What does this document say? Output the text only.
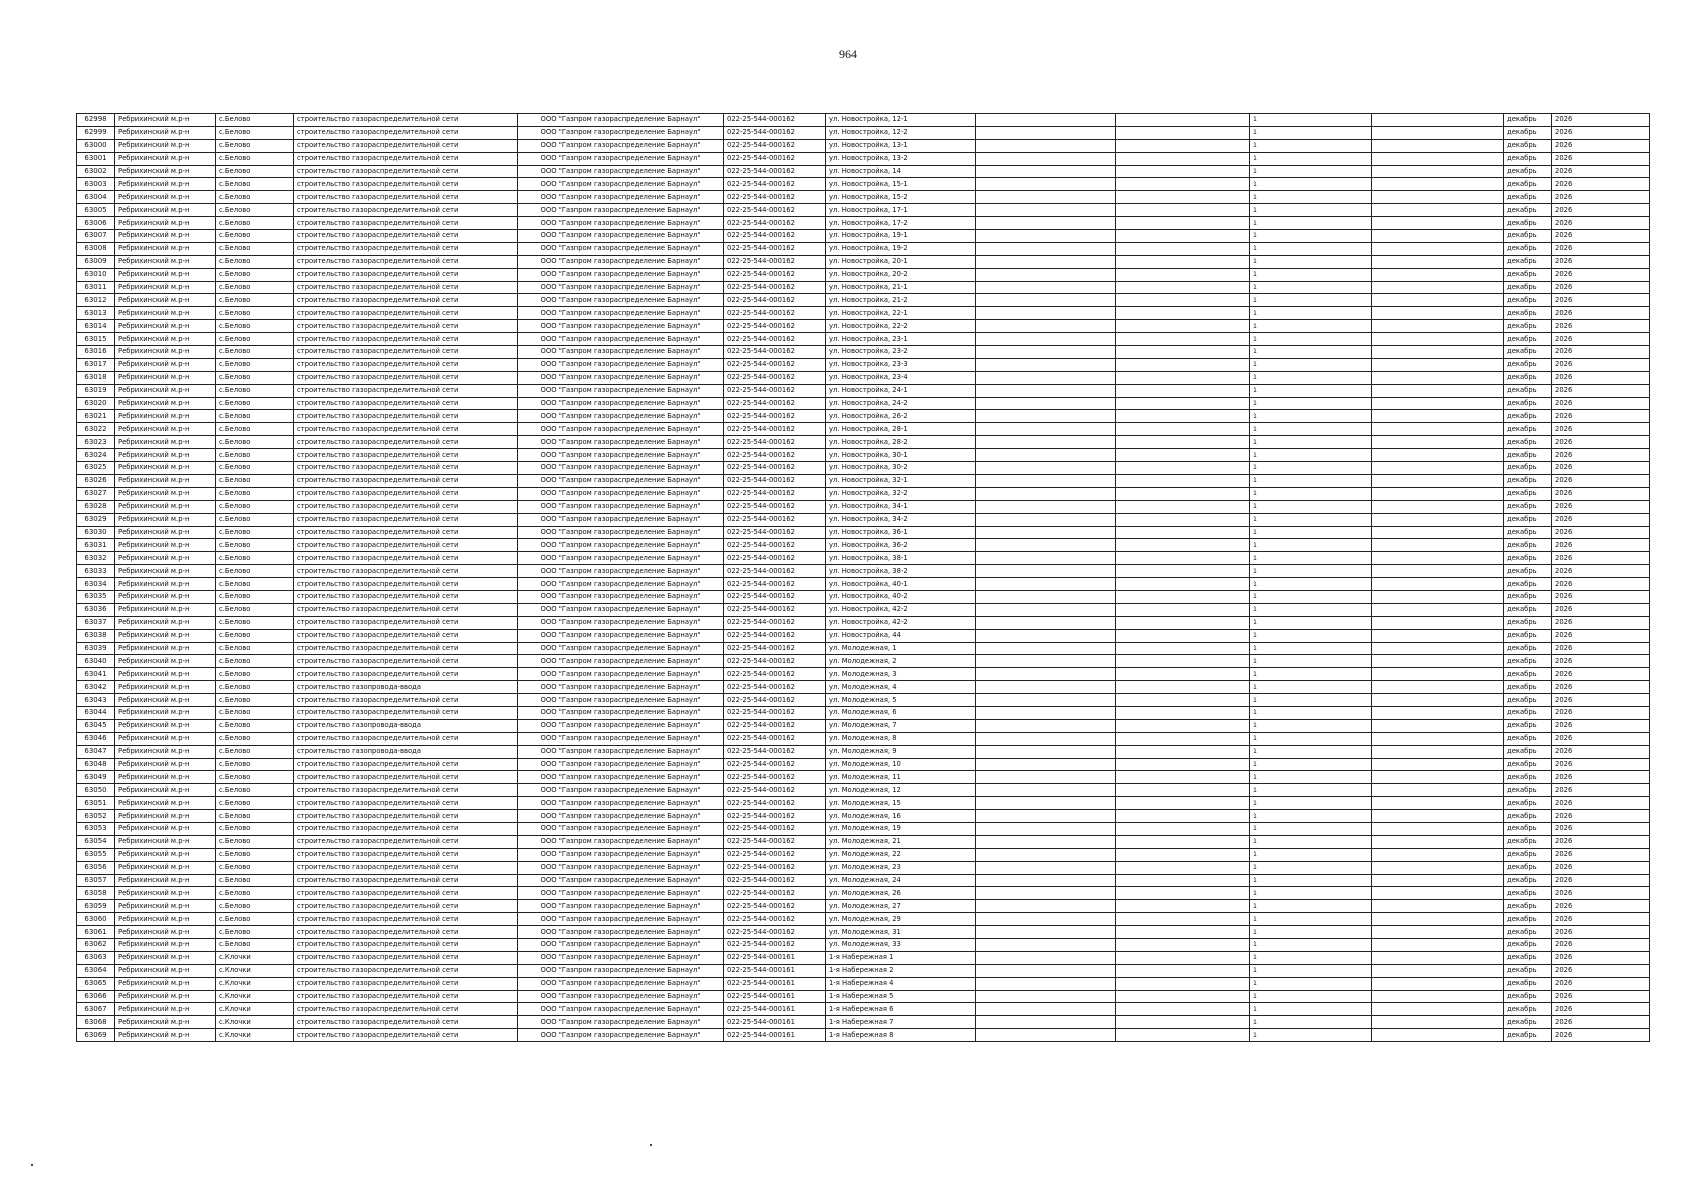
964
62998	Ребрихинский м.р-н	с.Белово	строительство газораспределительной сети	ООО "Газпром газораспределение Барнаул"	022-25-544-000162	ул. Новостройка, 12-1			1		декабрь	2026
62999	Ребрихинский м.р-н	с.Белово	строительство газораспределительной сети	ООО "Газпром газораспределение Барнаул"	022-25-544-000162	ул. Новостройка, 12-2			1		декабрь	2026
63000	Ребрихинский м.р-н	с.Белово	строительство газораспределительной сети	ООО "Газпром газораспределение Барнаул"	022-25-544-000162	ул. Новостройка, 13-1			1		декабрь	2026
63001	Ребрихинский м.р-н	с.Белово	строительство газораспределительной сети	ООО "Газпром газораспределение Барнаул"	022-25-544-000162	ул. Новостройка, 13-2			1		декабрь	2026
63002	Ребрихинский м.р-н	с.Белово	строительство газораспределительной сети	ООО "Газпром газораспределение Барнаул"	022-25-544-000162	ул. Новостройка, 14			1		декабрь	2026
63003	Ребрихинский м.р-н	с.Белово	строительство газораспределительной сети	ООО "Газпром газораспределение Барнаул"	022-25-544-000162	ул. Новостройка, 15-1			1		декабрь	2026
63004	Ребрихинский м.р-н	с.Белово	строительство газораспределительной сети	ООО "Газпром газораспределение Барнаул"	022-25-544-000162	ул. Новостройка, 15-2			1		декабрь	2026
63005	Ребрихинский м.р-н	с.Белово	строительство газораспределительной сети	ООО "Газпром газораспределение Барнаул"	022-25-544-000162	ул. Новостройка, 17-1			1		декабрь	2026
63006	Ребрихинский м.р-н	с.Белово	строительство газораспределительной сети	ООО "Газпром газораспределение Барнаул"	022-25-544-000162	ул. Новостройка, 17-2			1		декабрь	2026
63007	Ребрихинский м.р-н	с.Белово	строительство газораспределительной сети	ООО "Газпром газораспределение Барнаул"	022-25-544-000162	ул. Новостройка, 19-1			1		декабрь	2026
63008	Ребрихинский м.р-н	с.Белово	строительство газораспределительной сети	ООО "Газпром газораспределение Барнаул"	022-25-544-000162	ул. Новостройка, 19-2			1		декабрь	2026
63009	Ребрихинский м.р-н	с.Белово	строительство газораспределительной сети	ООО "Газпром газораспределение Барнаул"	022-25-544-000162	ул. Новостройка, 20-1			1		декабрь	2026
63010	Ребрихинский м.р-н	с.Белово	строительство газораспределительной сети	ООО "Газпром газораспределение Барнаул"	022-25-544-000162	ул. Новостройка, 20-2			1		декабрь	2026
63011	Ребрихинский м.р-н	с.Белово	строительство газораспределительной сети	ООО "Газпром газораспределение Барнаул"	022-25-544-000162	ул. Новостройка, 21-1			1		декабрь	2026
63012	Ребрихинский м.р-н	с.Белово	строительство газораспределительной сети	ООО "Газпром газораспределение Барнаул"	022-25-544-000162	ул. Новостройка, 21-2			1		декабрь	2026
63013	Ребрихинский м.р-н	с.Белово	строительство газораспределительной сети	ООО "Газпром газораспределение Барнаул"	022-25-544-000162	ул. Новостройка, 22-1			1		декабрь	2026
63014	Ребрихинский м.р-н	с.Белово	строительство газораспределительной сети	ООО "Газпром газораспределение Барнаул"	022-25-544-000162	ул. Новостройка, 22-2			1		декабрь	2026
63015	Ребрихинский м.р-н	с.Белово	строительство газораспределительной сети	ООО "Газпром газораспределение Барнаул"	022-25-544-000162	ул. Новостройка, 23-1			1		декабрь	2026
63016	Ребрихинский м.р-н	с.Белово	строительство газораспределительной сети	ООО "Газпром газораспределение Барнаул"	022-25-544-000162	ул. Новостройка, 23-2			1		декабрь	2026
63017	Ребрихинский м.р-н	с.Белово	строительство газораспределительной сети	ООО "Газпром газораспределение Барнаул"	022-25-544-000162	ул. Новостройка, 23-3			1		декабрь	2026
63018	Ребрихинский м.р-н	с.Белово	строительство газораспределительной сети	ООО "Газпром газораспределение Барнаул"	022-25-544-000162	ул. Новостройка, 23-4			1		декабрь	2026
63019	Ребрихинский м.р-н	с.Белово	строительство газораспределительной сети	ООО "Газпром газораспределение Барнаул"	022-25-544-000162	ул. Новостройка, 24-1			1		декабрь	2026
63020	Ребрихинский м.р-н	с.Белово	строительство газораспределительной сети	ООО "Газпром газораспределение Барнаул"	022-25-544-000162	ул. Новостройка, 24-2			1		декабрь	2026
63021	Ребрихинский м.р-н	с.Белово	строительство газораспределительной сети	ООО "Газпром газораспределение Барнаул"	022-25-544-000162	ул. Новостройка, 26-2			1		декабрь	2026
63022	Ребрихинский м.р-н	с.Белово	строительство газораспределительной сети	ООО "Газпром газораспределение Барнаул"	022-25-544-000162	ул. Новостройка, 28-1			1		декабрь	2026
63023	Ребрихинский м.р-н	с.Белово	строительство газораспределительной сети	ООО "Газпром газораспределение Барнаул"	022-25-544-000162	ул. Новостройка, 28-2			1		декабрь	2026
63024	Ребрихинский м.р-н	с.Белово	строительство газораспределительной сети	ООО "Газпром газораспределение Барнаул"	022-25-544-000162	ул. Новостройка, 30-1			1		декабрь	2026
63025	Ребрихинский м.р-н	с.Белово	строительство газораспределительной сети	ООО "Газпром газораспределение Барнаул"	022-25-544-000162	ул. Новостройка, 30-2			1		декабрь	2026
63026	Ребрихинский м.р-н	с.Белово	строительство газораспределительной сети	ООО "Газпром газораспределение Барнаул"	022-25-544-000162	ул. Новостройка, 32-1			1		декабрь	2026
63027	Ребрихинский м.р-н	с.Белово	строительство газораспределительной сети	ООО "Газпром газораспределение Барнаул"	022-25-544-000162	ул. Новостройка, 32-2			1		декабрь	2026
63028	Ребрихинский м.р-н	с.Белово	строительство газораспределительной сети	ООО "Газпром газораспределение Барнаул"	022-25-544-000162	ул. Новостройка, 34-1			1		декабрь	2026
63029	Ребрихинский м.р-н	с.Белово	строительство газораспределительной сети	ООО "Газпром газораспределение Барнаул"	022-25-544-000162	ул. Новостройка, 34-2			1		декабрь	2026
63030	Ребрихинский м.р-н	с.Белово	строительство газораспределительной сети	ООО "Газпром газораспределение Барнаул"	022-25-544-000162	ул. Новостройка, 36-1			1		декабрь	2026
63031	Ребрихинский м.р-н	с.Белово	строительство газораспределительной сети	ООО "Газпром газораспределение Барнаул"	022-25-544-000162	ул. Новостройка, 36-2			1		декабрь	2026
63032	Ребрихинский м.р-н	с.Белово	строительство газораспределительной сети	ООО "Газпром газораспределение Барнаул"	022-25-544-000162	ул. Новостройка, 38-1			1		декабрь	2026
63033	Ребрихинский м.р-н	с.Белово	строительство газораспределительной сети	ООО "Газпром газораспределение Барнаул"	022-25-544-000162	ул. Новостройка, 38-2			1		декабрь	2026
63034	Ребрихинский м.р-н	с.Белово	строительство газораспределительной сети	ООО "Газпром газораспределение Барнаул"	022-25-544-000162	ул. Новостройка, 40-1			1		декабрь	2026
63035	Ребрихинский м.р-н	с.Белово	строительство газораспределительной сети	ООО "Газпром газораспределение Барнаул"	022-25-544-000162	ул. Новостройка, 40-2			1		декабрь	2026
63036	Ребрихинский м.р-н	с.Белово	строительство газораспределительной сети	ООО "Газпром газораспределение Барнаул"	022-25-544-000162	ул. Новостройка, 42-2			1		декабрь	2026
63037	Ребрихинский м.р-н	с.Белово	строительство газораспределительной сети	ООО "Газпром газораспределение Барнаул"	022-25-544-000162	ул. Новостройка, 42-2			1		декабрь	2026
63038	Ребрихинский м.р-н	с.Белово	строительство газораспределительной сети	ООО "Газпром газораспределение Барнаул"	022-25-544-000162	ул. Новостройка, 44			1		декабрь	2026
63039	Ребрихинский м.р-н	с.Белово	строительство газораспределительной сети	ООО "Газпром газораспределение Барнаул"	022-25-544-000162	ул. Молодежная, 1			1		декабрь	2026
63040	Ребрихинский м.р-н	с.Белово	строительство газораспределительной сети	ООО "Газпром газораспределение Барнаул"	022-25-544-000162	ул. Молодежная, 2			1		декабрь	2026
63041	Ребрихинский м.р-н	с.Белово	строительство газораспределительной сети	ООО "Газпром газораспределение Барнаул"	022-25-544-000162	ул. Молодежная, 3			1		декабрь	2026
63042	Ребрихинский м.р-н	с.Белово	строительство газопровода-ввода	ООО "Газпром газораспределение Барнаул"	022-25-544-000162	ул. Молодежная, 4			1		декабрь	2026
63043	Ребрихинский м.р-н	с.Белово	строительство газораспределительной сети	ООО "Газпром газораспределение Барнаул"	022-25-544-000162	ул. Молодежная, 5			1		декабрь	2026
63044	Ребрихинский м.р-н	с.Белово	строительство газораспределительной сети	ООО "Газпром газораспределение Барнаул"	022-25-544-000162	ул. Молодежная, 6			1		декабрь	2026
63045	Ребрихинский м.р-н	с.Белово	строительство газопровода-ввода	ООО "Газпром газораспределение Барнаул"	022-25-544-000162	ул. Молодежная, 7			1		декабрь	2026
63046	Ребрихинский м.р-н	с.Белово	строительство газораспределительной сети	ООО "Газпром газораспределение Барнаул"	022-25-544-000162	ул. Молодежная, 8			1		декабрь	2026
63047	Ребрихинский м.р-н	с.Белово	строительство газопровода-ввода	ООО "Газпром газораспределение Барнаул"	022-25-544-000162	ул. Молодежная, 9			1		декабрь	2026
63048	Ребрихинский м.р-н	с.Белово	строительство газораспределительной сети	ООО "Газпром газораспределение Барнаул"	022-25-544-000162	ул. Молодежная, 10			1		декабрь	2026
63049	Ребрихинский м.р-н	с.Белово	строительство газораспределительной сети	ООО "Газпром газораспределение Барнаул"	022-25-544-000162	ул. Молодежная, 11			1		декабрь	2026
63050	Ребрихинский м.р-н	с.Белово	строительство газораспределительной сети	ООО "Газпром газораспределение Барнаул"	022-25-544-000162	ул. Молодежная, 12			1		декабрь	2026
63051	Ребрихинский м.р-н	с.Белово	строительство газораспределительной сети	ООО "Газпром газораспределение Барнаул"	022-25-544-000162	ул. Молодежная, 15			1		декабрь	2026
63052	Ребрихинский м.р-н	с.Белово	строительство газораспределительной сети	ООО "Газпром газораспределение Барнаул"	022-25-544-000162	ул. Молодежная, 16			1		декабрь	2026
63053	Ребрихинский м.р-н	с.Белово	строительство газораспределительной сети	ООО "Газпром газораспределение Барнаул"	022-25-544-000162	ул. Молодежная, 19			1		декабрь	2026
63054	Ребрихинский м.р-н	с.Белово	строительство газораспределительной сети	ООО "Газпром газораспределение Барнаул"	022-25-544-000162	ул. Молодежная, 21			1		декабрь	2026
63055	Ребрихинский м.р-н	с.Белово	строительство газораспределительной сети	ООО "Газпром газораспределение Барнаул"	022-25-544-000162	ул. Молодежная, 22			1		декабрь	2026
63056	Ребрихинский м.р-н	с.Белово	строительство газораспределительной сети	ООО "Газпром газораспределение Барнаул"	022-25-544-000162	ул. Молодежная, 23			1		декабрь	2026
63057	Ребрихинский м.р-н	с.Белово	строительство газораспределительной сети	ООО "Газпром газораспределение Барнаул"	022-25-544-000162	ул. Молодежная, 24			1		декабрь	2026
63058	Ребрихинский м.р-н	с.Белово	строительство газораспределительной сети	ООО "Газпром газораспределение Барнаул"	022-25-544-000162	ул. Молодежная, 26			1		декабрь	2026
63059	Ребрихинский м.р-н	с.Белово	строительство газораспределительной сети	ООО "Газпром газораспределение Барнаул"	022-25-544-000162	ул. Молодежная, 27			1		декабрь	2026
63060	Ребрихинский м.р-н	с.Белово	строительство газораспределительной сети	ООО "Газпром газораспределение Барнаул"	022-25-544-000162	ул. Молодежная, 29			1		декабрь	2026
63061	Ребрихинский м.р-н	с.Белово	строительство газораспределительной сети	ООО "Газпром газораспределение Барнаул"	022-25-544-000162	ул. Молодежная, 31			1		декабрь	2026
63062	Ребрихинский м.р-н	с.Белово	строительство газораспределительной сети	ООО "Газпром газораспределение Барнаул"	022-25-544-000162	ул. Молодежная, 33			1		декабрь	2026
63063	Ребрихинский м.р-н	с.Клочки	строительство газораспределительной сети	ООО "Газпром газораспределение Барнаул"	022-25-544-000161	1-я Набережная 1			1		декабрь	2026
63064	Ребрихинский м.р-н	с.Клочки	строительство газораспределительной сети	ООО "Газпром газораспределение Барнаул"	022-25-544-000161	1-я Набережная 2			1		декабрь	2026
63065	Ребрихинский м.р-н	с.Клочки	строительство газораспределительной сети	ООО "Газпром газораспределение Барнаул"	022-25-544-000161	1-я Набережная 4			1		декабрь	2026
63066	Ребрихинский м.р-н	с.Клочки	строительство газораспределительной сети	ООО "Газпром газораспределение Барнаул"	022-25-544-000161	1-я Набережная 5			1		декабрь	2026
63067	Ребрихинский м.р-н	с.Клочки	строительство газораспределительной сети	ООО "Газпром газораспределение Барнаул"	022-25-544-000161	1-я Набережная 6			1		декабрь	2026
63068	Ребрихинский м.р-н	с.Клочки	строительство газораспределительной сети	ООО "Газпром газораспределение Барнаул"	022-25-544-000161	1-я Набережная 7			1		декабрь	2026
63069	Ребрихинский м.р-н	с.Клочки	строительство газораспределительной сети	ООО "Газпром газораспределение Барнаул"	022-25-544-000161	1-я Набережная 8			1		декабрь	2026
